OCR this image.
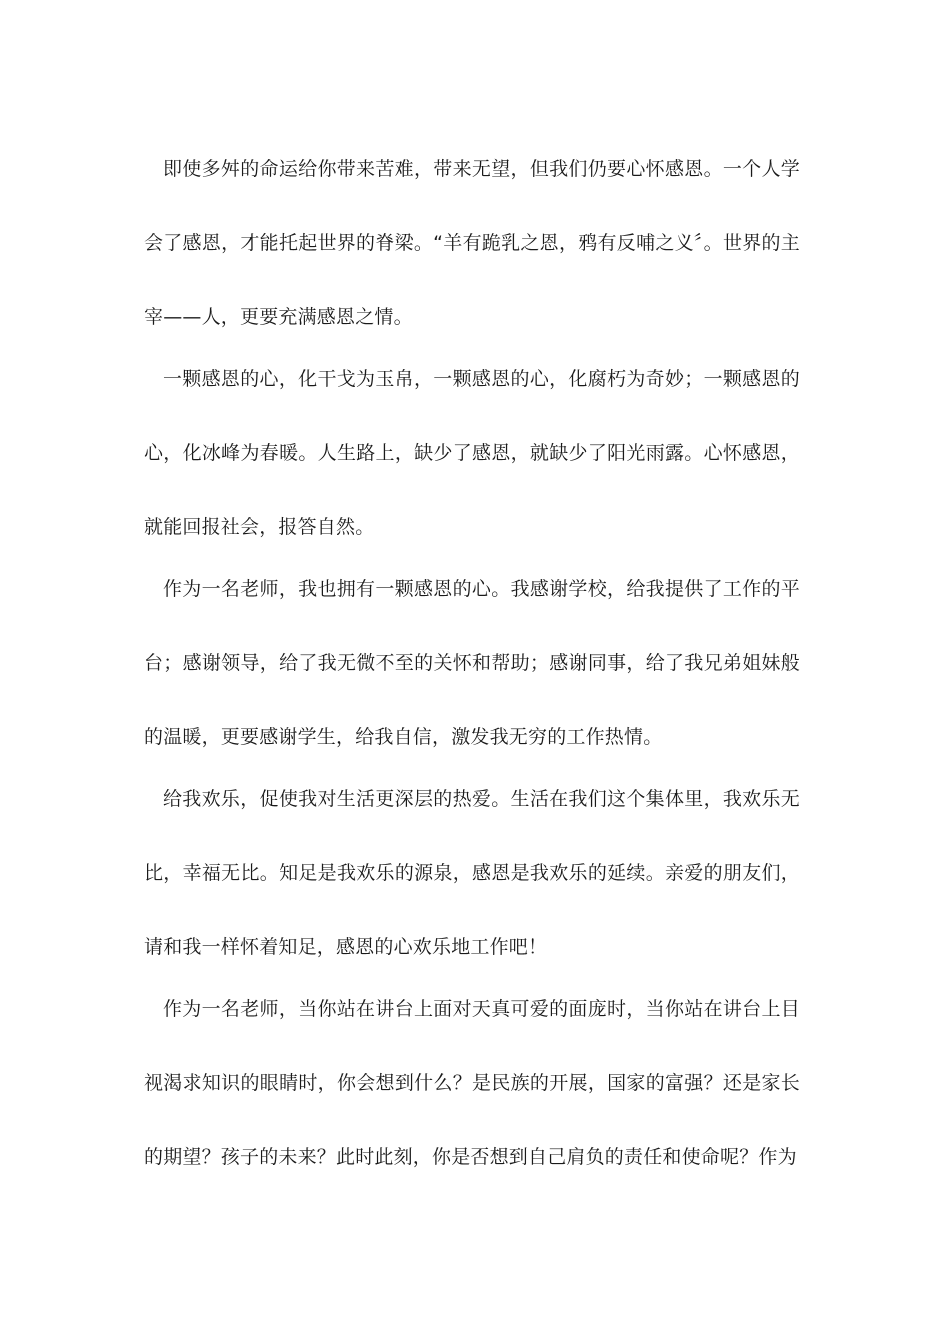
即使多舛的命运给你带来苦难，带来无望，但我们仍要心怀感恩。一个人学会了感恩，才能托起世界的脊梁。“羊有跪乳之恩，鸦有反哺之义〞。世界的主宰——人，更要充满感恩之情。

一颗感恩的心，化干戈为玉帛，一颗感恩的心，化腐朽为奇妙；一颗感恩的心，化冰峰为春暖。人生路上，缺少了感恩，就缺少了阳光雨露。心怀感恩，就能回报社会，报答自然。

作为一名老师，我也拥有一颗感恩的心。我感谢学校，给我提供了工作的平台；感谢领导，给了我无微不至的关怀和帮助；感谢同事，给了我兄弟姐妹般的温暖，更要感谢学生，给我自信，激发我无穷的工作热情。

给我欢乐，促使我对生活更深层的热爱。生活在我们这个集体里，我欢乐无比，幸福无比。知足是我欢乐的源泉，感恩是我欢乐的延续。亲爱的朋友们，请和我一样怀着知足，感恩的心欢乐地工作吧！

作为一名老师，当你站在讲台上面对天真可爱的面庞时，当你站在讲台上目视渴求知识的眼睛时，你会想到什么？是民族的开展，国家的富强？还是家长的期望？孩子的未来？此时此刻，你是否想到自己肩负的责任和使命呢？作为
